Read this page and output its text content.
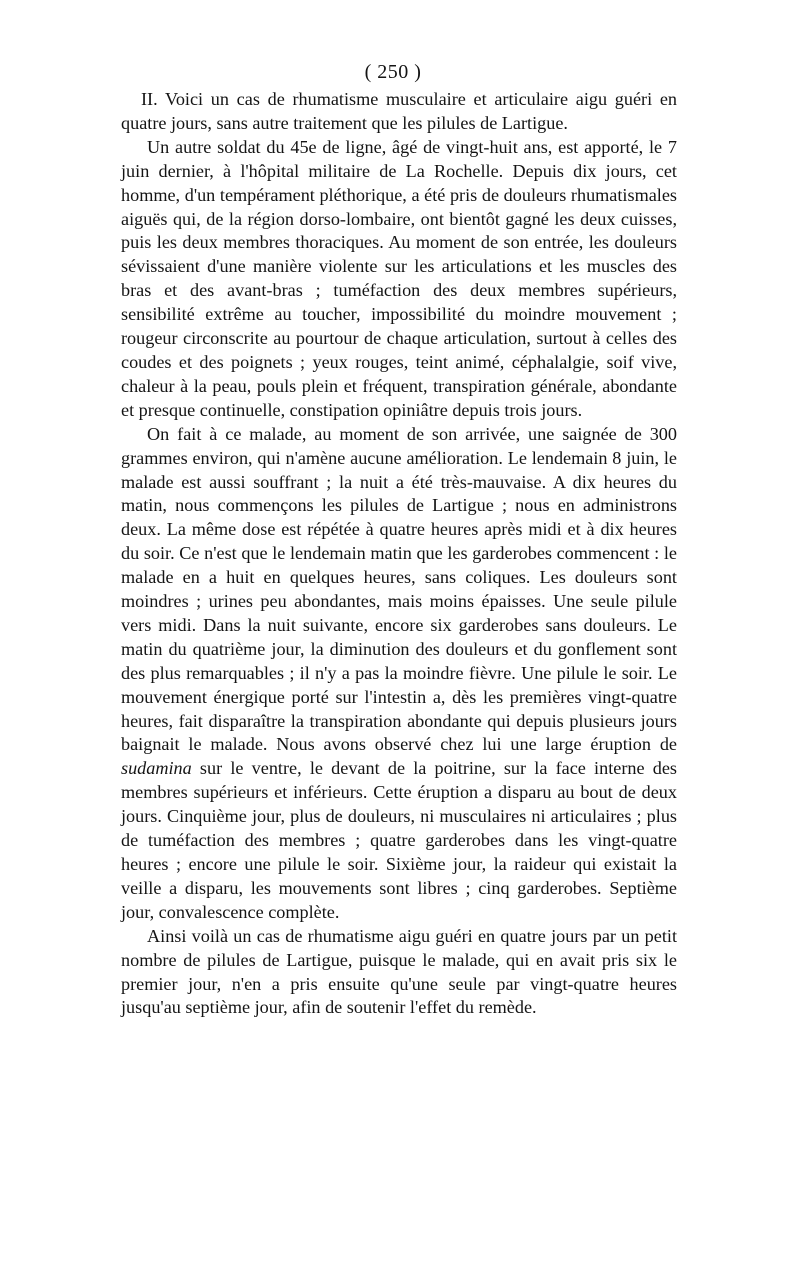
( 250 )

II. Voici un cas de rhumatisme musculaire et articulaire aigu guéri en quatre jours, sans autre traitement que les pilules de Lartigue.

Un autre soldat du 45e de ligne, âgé de vingt-huit ans, est apporté, le 7 juin dernier, à l'hôpital militaire de La Rochelle. Depuis dix jours, cet homme, d'un tempérament pléthorique, a été pris de douleurs rhumatismales aiguës qui, de la région dorso-lombaire, ont bientôt gagné les deux cuisses, puis les deux membres thoraciques. Au moment de son entrée, les douleurs sévissaient d'une manière violente sur les articulations et les muscles des bras et des avant-bras ; tuméfaction des deux membres supérieurs, sensibilité extrême au toucher, impossibilité du moindre mouvement ; rougeur circonscrite au pourtour de chaque articulation, surtout à celles des coudes et des poignets ; yeux rouges, teint animé, céphalalgie, soif vive, chaleur à la peau, pouls plein et fréquent, transpiration générale, abondante et presque continuelle, constipation opiniâtre depuis trois jours.

On fait à ce malade, au moment de son arrivée, une saignée de 300 grammes environ, qui n'amène aucune amélioration. Le lendemain 8 juin, le malade est aussi souffrant ; la nuit a été très-mauvaise. A dix heures du matin, nous commençons les pilules de Lartigue ; nous en administrons deux. La même dose est répétée à quatre heures après midi et à dix heures du soir. Ce n'est que le lendemain matin que les garderobes commencent : le malade en a huit en quelques heures, sans coliques. Les douleurs sont moindres ; urines peu abondantes, mais moins épaisses. Une seule pilule vers midi. Dans la nuit suivante, encore six garderobes sans douleurs. Le matin du quatrième jour, la diminution des douleurs et du gonflement sont des plus remarquables ; il n'y a pas la moindre fièvre. Une pilule le soir. Le mouvement énergique porté sur l'intestin a, dès les premières vingt-quatre heures, fait disparaître la transpiration abondante qui depuis plusieurs jours baignait le malade. Nous avons observé chez lui une large éruption de sudamina sur le ventre, le devant de la poitrine, sur la face interne des membres supérieurs et inférieurs. Cette éruption a disparu au bout de deux jours. Cinquième jour, plus de douleurs, ni musculaires ni articulaires ; plus de tuméfaction des membres ; quatre garderobes dans les vingt-quatre heures ; encore une pilule le soir. Sixième jour, la raideur qui existait la veille a disparu, les mouvements sont libres ; cinq garderobes. Septième jour, convalescence complète.

Ainsi voilà un cas de rhumatisme aigu guéri en quatre jours par un petit nombre de pilules de Lartigue, puisque le malade, qui en avait pris six le premier jour, n'en a pris ensuite qu'une seule par vingt-quatre heures jusqu'au septième jour, afin de soutenir l'effet du remède.
